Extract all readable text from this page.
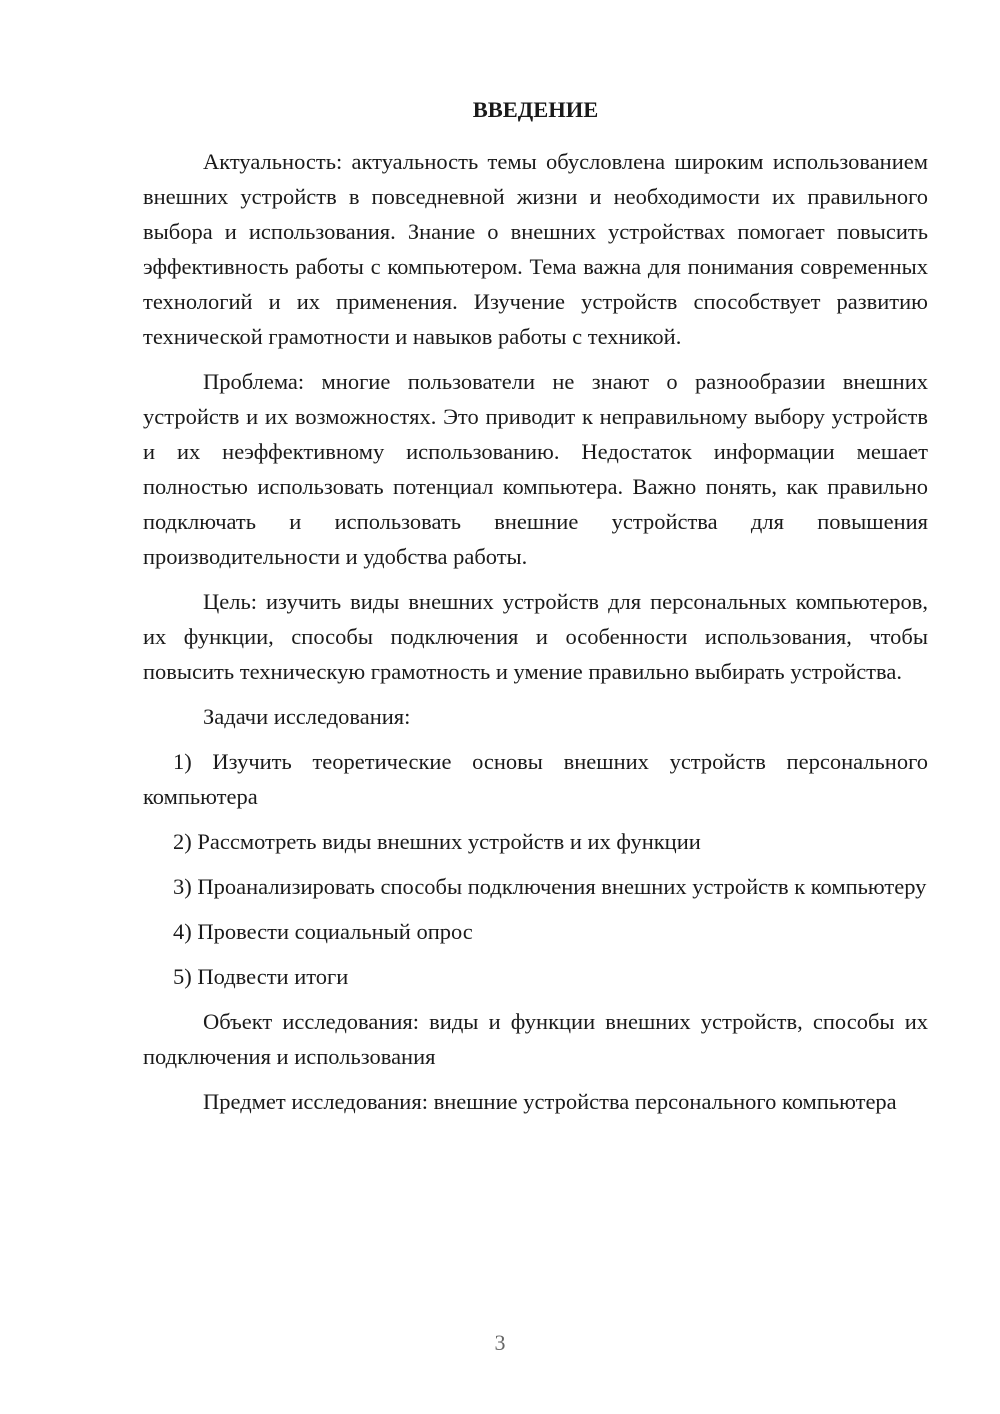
ВВЕДЕНИЕ

Актуальность: актуальность темы обусловлена широким использованием внешних устройств в повседневной жизни и необходимости их правильного выбора и использования. Знание о внешних устройствах помогает повысить эффективность работы с компьютером. Тема важна для понимания современных технологий и их применения. Изучение устройств способствует развитию технической грамотности и навыков работы с техникой.

Проблема: многие пользователи не знают о разнообразии внешних устройств и их возможностях. Это приводит к неправильному выбору устройств и их неэффективному использованию. Недостаток информации мешает полностью использовать потенциал компьютера. Важно понять, как правильно подключать и использовать внешние устройства для повышения производительности и удобства работы.

Цель: изучить виды внешних устройств для персональных компьютеров, их функции, способы подключения и особенности использования, чтобы повысить техническую грамотность и умение правильно выбирать устройства.

Задачи исследования:

1) Изучить теоретические основы внешних устройств персонального компьютера

2) Рассмотреть виды внешних устройств и их функции

3) Проанализировать способы подключения внешних устройств к компьютеру

4) Провести социальный опрос

5) Подвести итоги

Объект исследования: виды и функции внешних устройств, способы их подключения и использования

Предмет исследования: внешние устройства персонального компьютера

3
